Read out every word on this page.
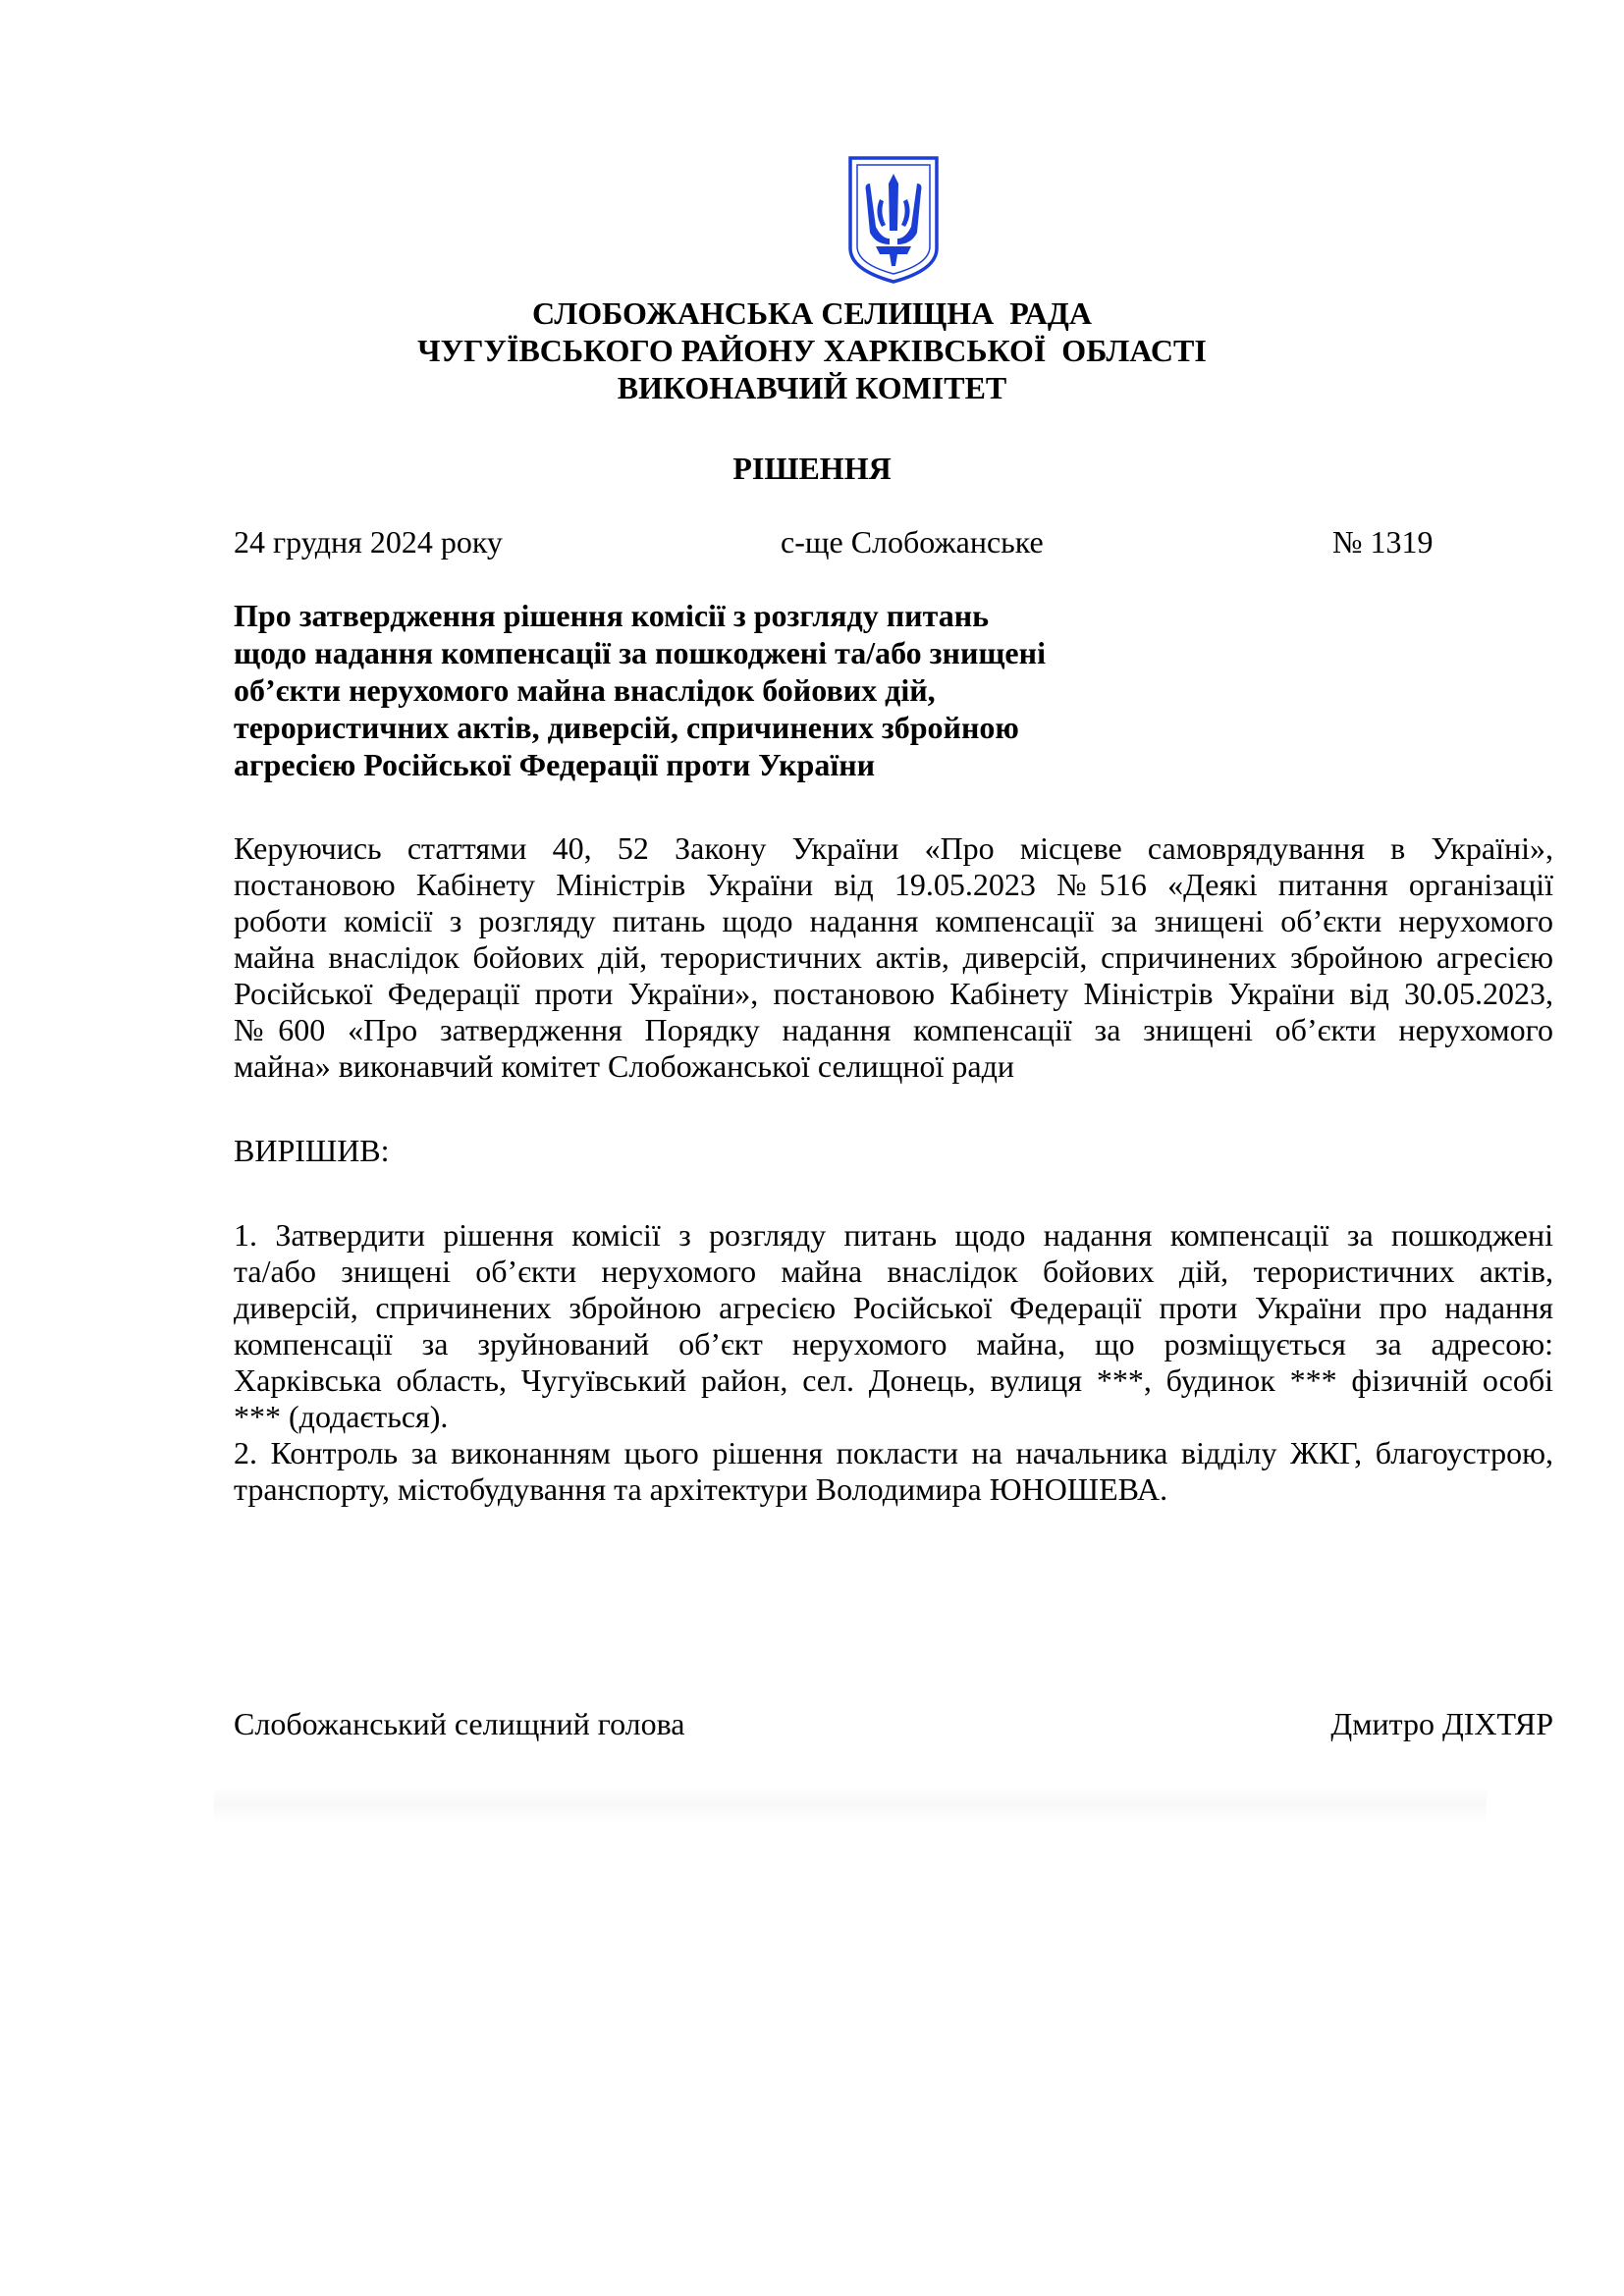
СЛОБОЖАНСЬКА СЕЛИЩНА  РАДА
ЧУГУЇВСЬКОГО РАЙОНУ ХАРКІВСЬКОЇ  ОБЛАСТІ
ВИКОНАВЧИЙ КОМІТЕТ
РІШЕННЯ
24 грудня 2024 року	с-ще Слобожанське	№ 1319
Про затвердження рішення комісії з розгляду питань
щодо надання компенсації за пошкоджені та/або знищені
об’єкти нерухомого майна внаслідок бойових дій,
терористичних актів, диверсій, спричинених збройною
агресією Російської Федерації проти України
Керуючись статтями 40, 52 Закону України «Про місцеве самоврядування в Україні»,
постановою Кабінету Міністрів України від 19.05.2023 №516 «Деякі питання організації
роботи комісії з розгляду питань щодо надання компенсації за знищені об’єкти нерухомого
майна внаслідок бойових дій, терористичних актів, диверсій, спричинених збройною агресією
Російської Федерації проти України», постановою Кабінету Міністрів України від 30.05.2023,
№600 «Про затвердження Порядку надання компенсації за знищені об’єкти нерухомого
майна» виконавчий комітет Слобожанської селищної ради
ВИРІШИВ:
1. Затвердити рішення комісії з розгляду питань щодо надання компенсації за пошкоджені
та/або знищені об’єкти нерухомого майна внаслідок бойових дій, терористичних актів,
диверсій, спричинених збройною агресією Російської Федерації проти України про надання
компенсації за зруйнований об’єкт нерухомого майна, що розміщується за адресою:
Харківська область, Чугуївський район, сел. Донець, вулиця ***, будинок *** фізичній особі
*** (додається).
2. Контроль за виконанням цього рішення покласти на начальника відділу ЖКГ, благоустрою,
транспорту, містобудування та архітектури Володимира ЮНОШЕВА.
Слобожанський селищний голова	Дмитро ДІХТЯР
